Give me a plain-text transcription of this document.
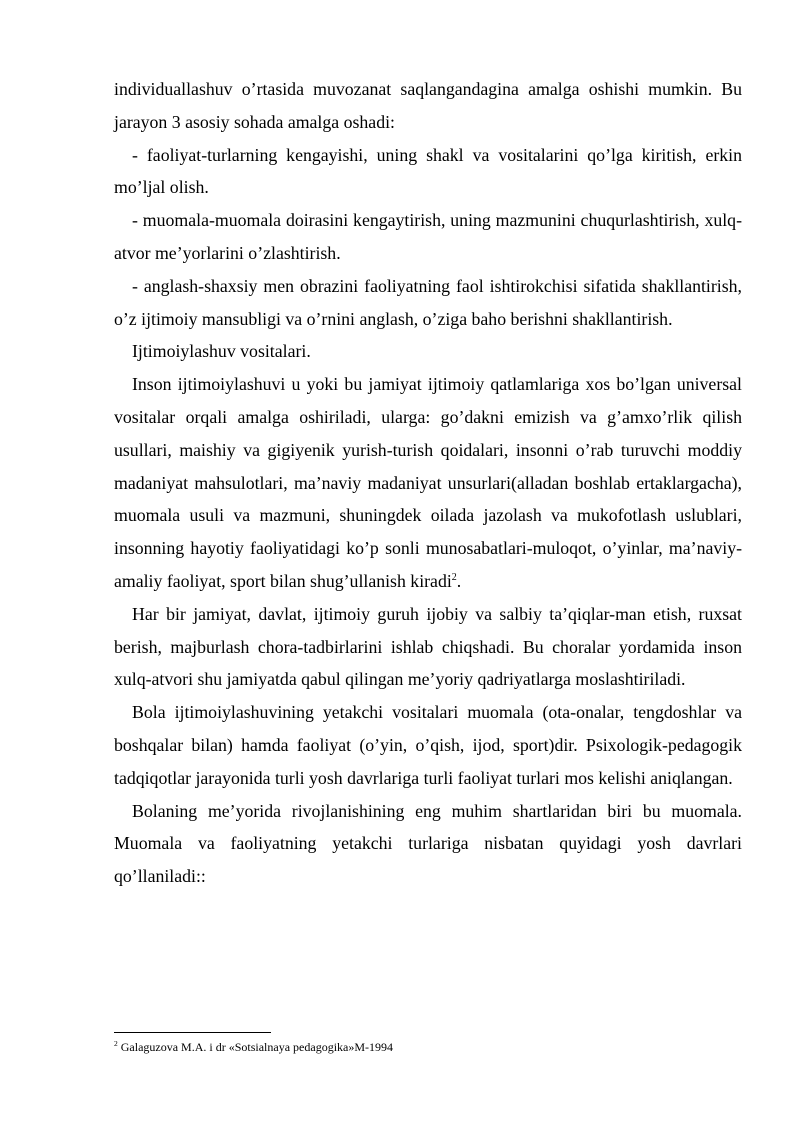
individuallashuv o’rtasida muvozanat saqlangandagina amalga oshishi mumkin. Bu jarayon 3 asosiy sohada amalga oshadi:

- faoliyat-turlarning kengayishi, uning shakl va vositalarini qo’lga kiritish, erkin mo’ljal olish.

- muomala-muomala doirasini kengaytirish, uning mazmunini chuqurlashtirish, xulq-atvor me’yorlarini o’zlashtirish.

- anglash-shaxsiy men obrazini faoliyatning faol ishtirokchisi sifatida shakllantirish, o’z ijtimoiy mansubligi va o’rnini anglash, o’ziga baho berishni shakllantirish.

Ijtimoiylashuv vositalari.

Inson ijtimoiylashuvi u yoki bu jamiyat ijtimoiy qatlamlariga xos bo’lgan universal vositalar orqali amalga oshiriladi, ularga: go’dakni emizish va g’amxo’rlik qilish usullari, maishiy va gigiyenik yurish-turish qoidalari, insonni o’rab turuvchi moddiy madaniyat mahsulotlari, ma’naviy madaniyat unsurlari(alladan boshlab ertaklargacha), muomala usuli va mazmuni, shuningdek oilada jazolash va mukofotlash uslublari, insonning hayotiy faoliyatidagi ko’p sonli munosabatlari-muloqot, o’yinlar, ma’naviy-amaliy faoliyat, sport bilan shug’ullanish kiradi$^2$.

Har bir jamiyat, davlat, ijtimoiy guruh ijobiy va salbiy ta’qiqlar-man etish, ruxsat berish, majburlash chora-tadbirlarini ishlab chiqshadi. Bu choralar yordamida inson xulq-atvori shu jamiyatda qabul qilingan me’yoriy qadriyatlarga moslashtiriladi.

Bola ijtimoiylashuvining yetakchi vositalari muomala (ota-onalar, tengdoshlar va boshqalar bilan) hamda faoliyat (o’yin, o’qish, ijod, sport)dir. Psixologik-pedagogik tadqiqotlar jarayonida turli yosh davrlariga turli faoliyat turlari mos kelishi aniqlangan.

Bolaning me’yorida rivojlanishining eng muhim shartlaridan biri bu muomala. Muomala va faoliyatning yetakchi turlariga nisbatan quyidagi yosh davrlari qo’llaniladi::

$^2$ Galaguzova M.A. i dr «Sotsialnaya pedagogika»M-1994
